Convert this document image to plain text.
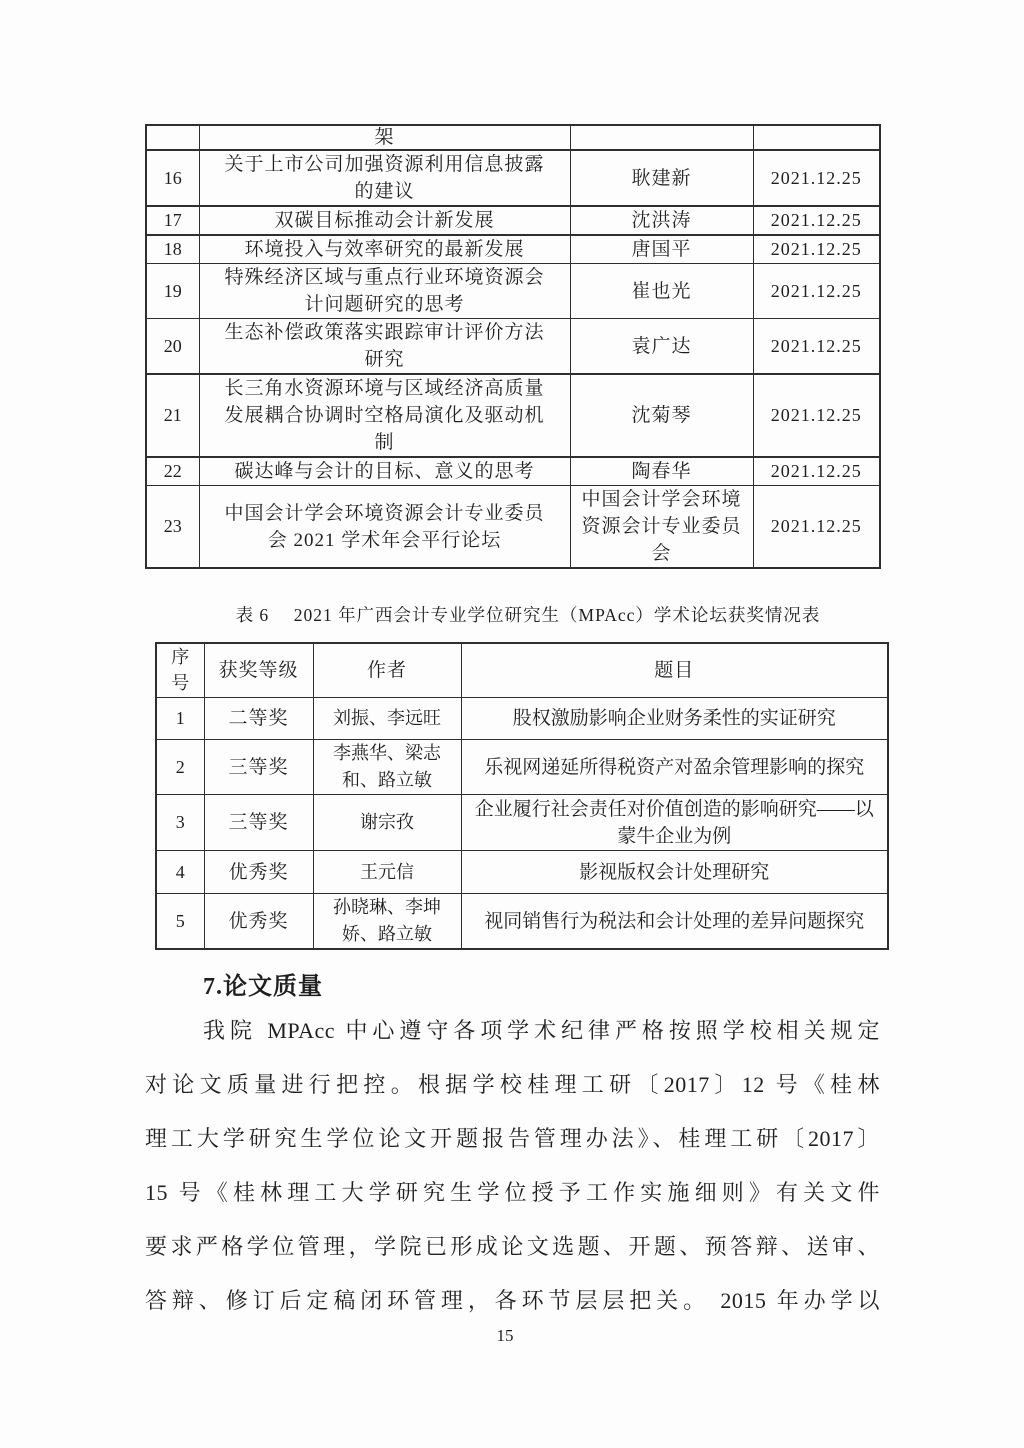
	架		
16	关于上市公司加强资源利用信息披露的建议	耿建新	2021.12.25
17	双碳目标推动会计新发展	沈洪涛	2021.12.25
18	环境投入与效率研究的最新发展	唐国平	2021.12.25
19	特殊经济区域与重点行业环境资源会计问题研究的思考	崔也光	2021.12.25
20	生态补偿政策落实跟踪审计评价方法研究	袁广达	2021.12.25
21	长三角水资源环境与区域经济高质量发展耦合协调时空格局演化及驱动机制	沈菊琴	2021.12.25
22	碳达峰与会计的目标、意义的思考	陶春华	2021.12.25
23	中国会计学会环境资源会计专业委员会 2021 学术年会平行论坛	中国会计学会环境资源会计专业委员会	2021.12.25
表 6 2021 年广西会计专业学位研究生（MPAcc）学术论坛获奖情况表
序号	获奖等级	作者	题目
1	二等奖	刘振、李远旺	股权激励影响企业财务柔性的实证研究
2	三等奖	李燕华、梁志和、路立敏	乐视网递延所得税资产对盈余管理影响的探究
3	三等奖	谢宗孜	企业履行社会责任对价值创造的影响研究——以蒙牛企业为例
4	优秀奖	王元信	影视版权会计处理研究
5	优秀奖	孙晓琳、李坤娇、路立敏	视同销售行为税法和会计处理的差异问题探究
7.论文质量
我院 MPAcc 中心遵守各项学术纪律严格按照学校相关规定
对论文质量进行把控。根据学校桂理工研〔2017〕12 号《桂林
理工大学研究生学位论文开题报告管理办法》、桂理工研〔2017〕
15 号《桂林理工大学研究生学位授予工作实施细则》有关文件
要求严格学位管理，学院已形成论文选题、开题、预答辩、送审、
答辩、修订后定稿闭环管理，各环节层层把关。 2015 年办学以
15
